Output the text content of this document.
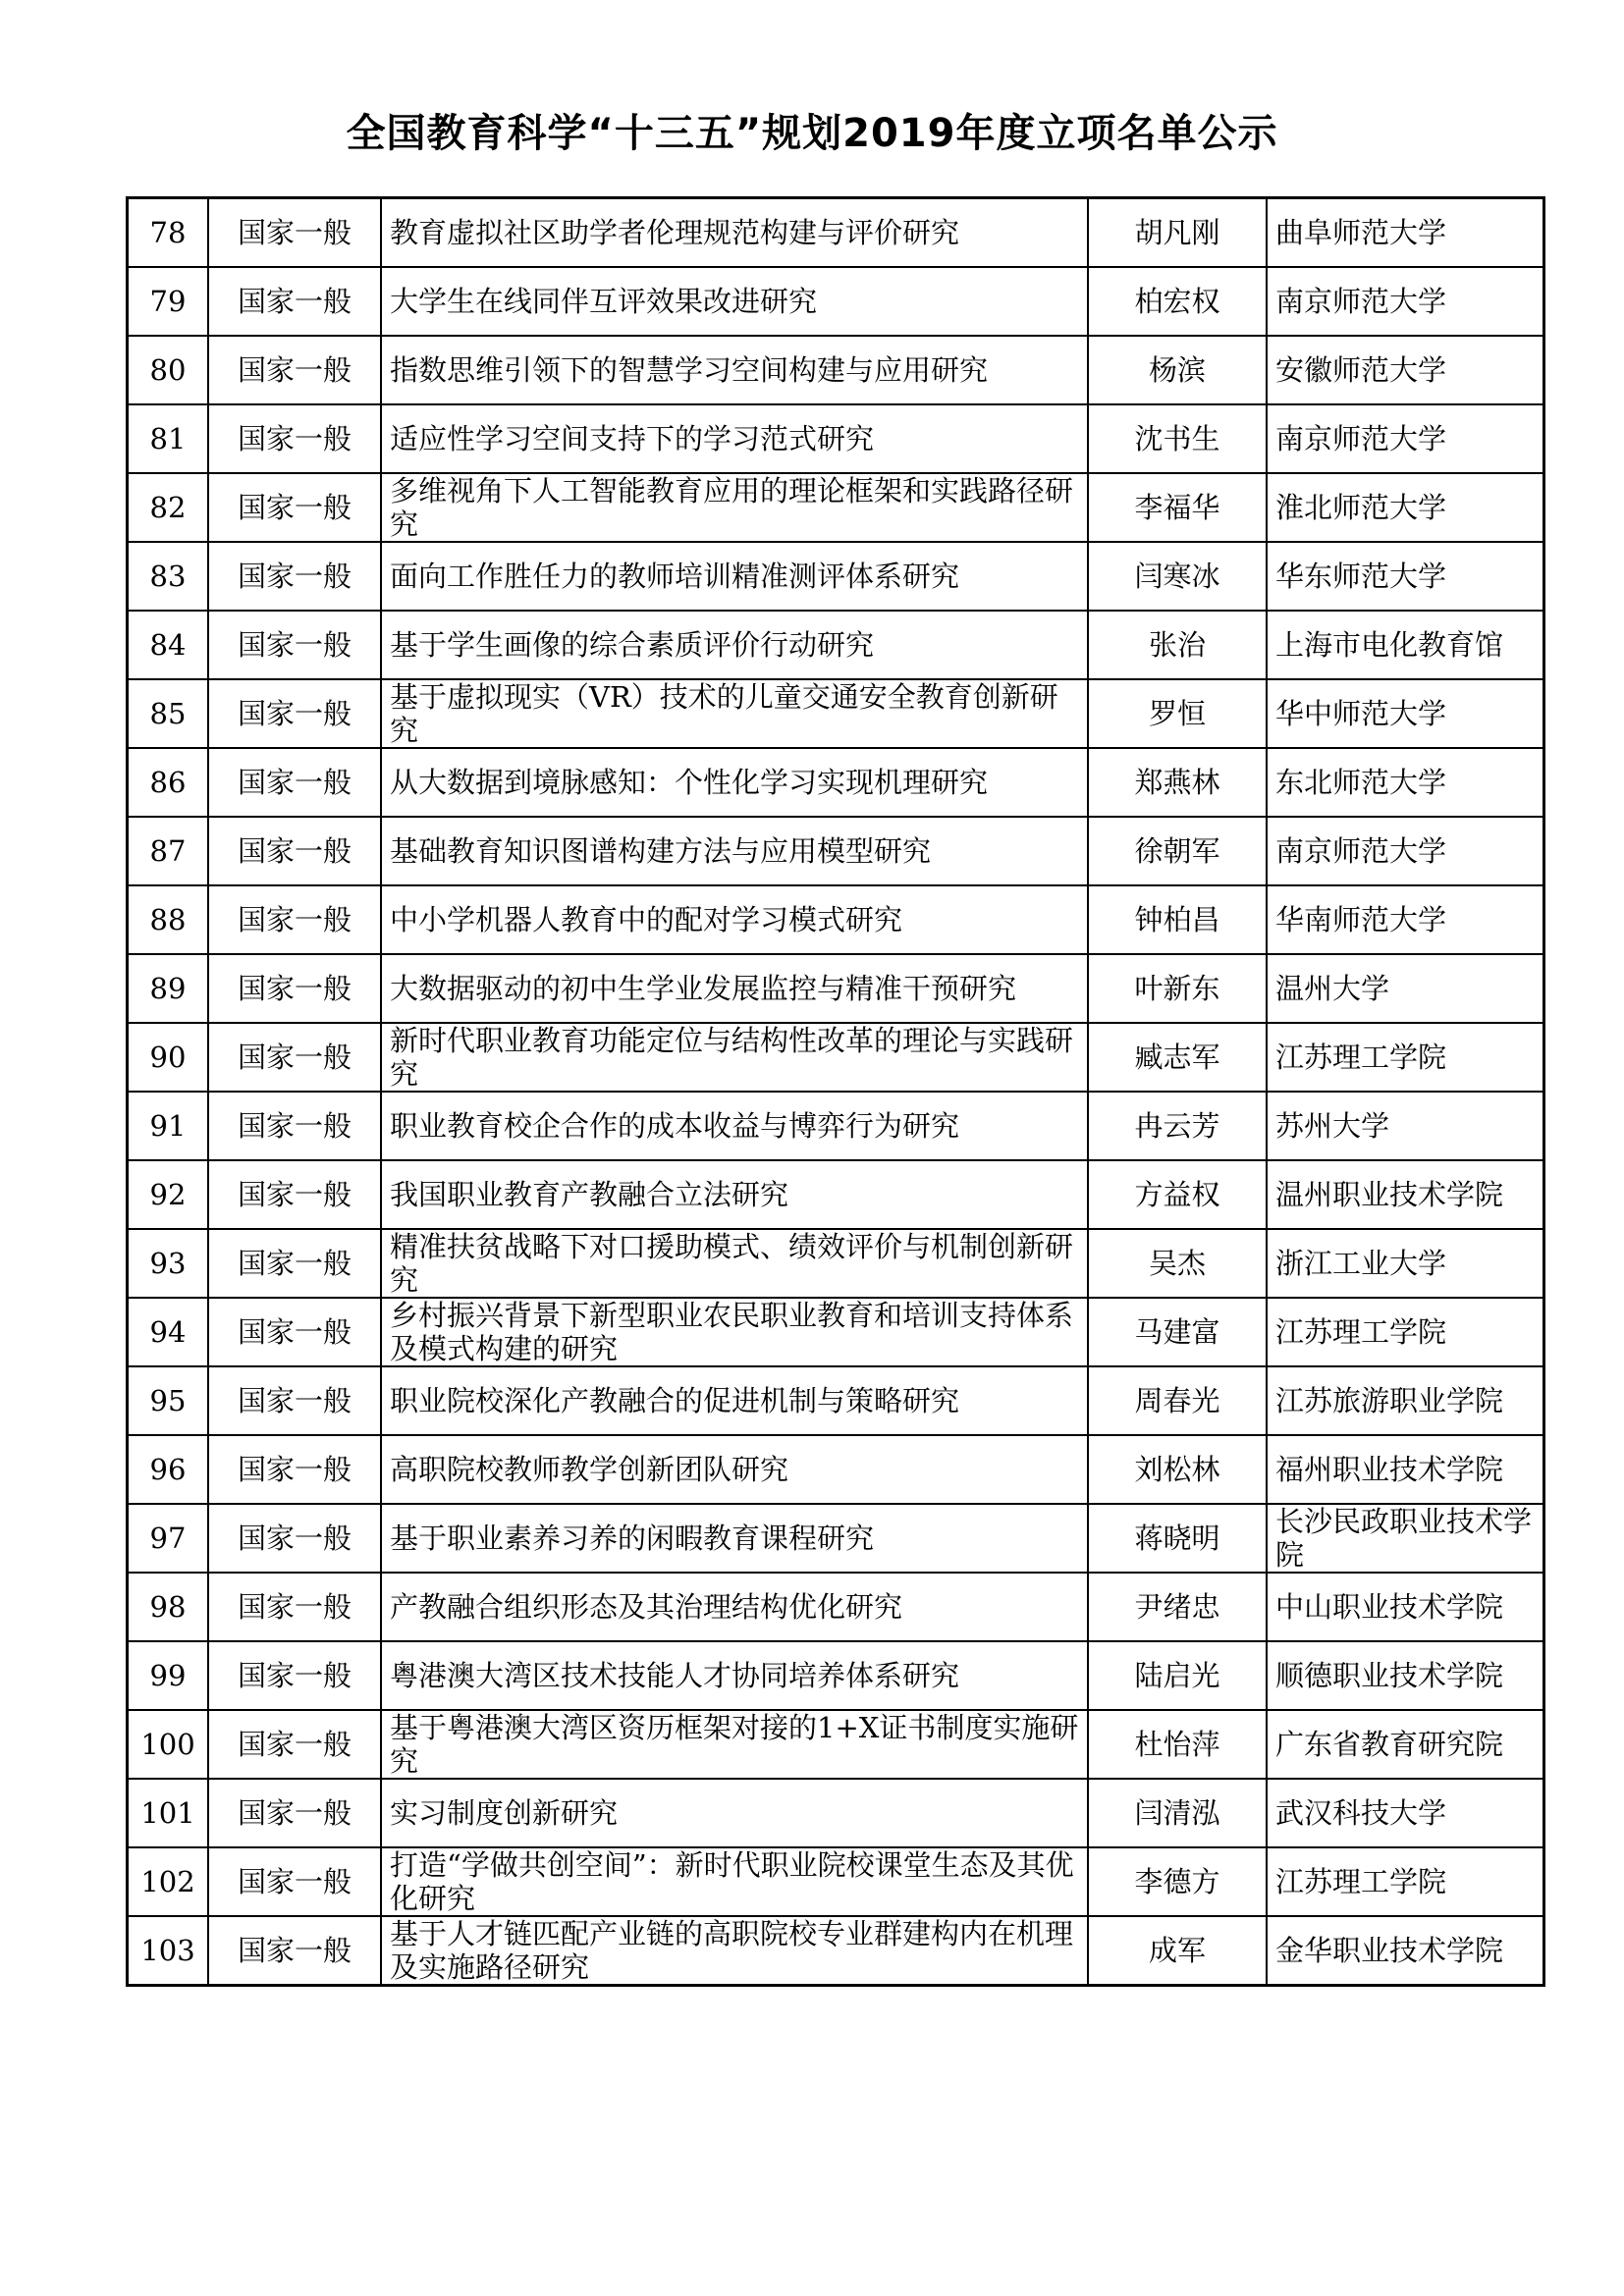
全国教育科学“十三五”规划2019年度立项名单公示
78	国家一般	教育虚拟社区助学者伦理规范构建与评价研究	胡凡刚	曲阜师范大学
79	国家一般	大学生在线同伴互评效果改进研究	柏宏权	南京师范大学
80	国家一般	指数思维引领下的智慧学习空间构建与应用研究	杨滨	安徽师范大学
81	国家一般	适应性学习空间支持下的学习范式研究	沈书生	南京师范大学
82	国家一般	多维视角下人工智能教育应用的理论框架和实践路径研究	李福华	淮北师范大学
83	国家一般	面向工作胜任力的教师培训精准测评体系研究	闫寒冰	华东师范大学
84	国家一般	基于学生画像的综合素质评价行动研究	张治	上海市电化教育馆
85	国家一般	基于虚拟现实（VR）技术的儿童交通安全教育创新研究	罗恒	华中师范大学
86	国家一般	从大数据到境脉感知：个性化学习实现机理研究	郑燕林	东北师范大学
87	国家一般	基础教育知识图谱构建方法与应用模型研究	徐朝军	南京师范大学
88	国家一般	中小学机器人教育中的配对学习模式研究	钟柏昌	华南师范大学
89	国家一般	大数据驱动的初中生学业发展监控与精准干预研究	叶新东	温州大学
90	国家一般	新时代职业教育功能定位与结构性改革的理论与实践研究	臧志军	江苏理工学院
91	国家一般	职业教育校企合作的成本收益与博弈行为研究	冉云芳	苏州大学
92	国家一般	我国职业教育产教融合立法研究	方益权	温州职业技术学院
93	国家一般	精准扶贫战略下对口援助模式、绩效评价与机制创新研究	吴杰	浙江工业大学
94	国家一般	乡村振兴背景下新型职业农民职业教育和培训支持体系及模式构建的研究	马建富	江苏理工学院
95	国家一般	职业院校深化产教融合的促进机制与策略研究	周春光	江苏旅游职业学院
96	国家一般	高职院校教师教学创新团队研究	刘松林	福州职业技术学院
97	国家一般	基于职业素养习养的闲暇教育课程研究	蒋晓明	长沙民政职业技术学院
98	国家一般	产教融合组织形态及其治理结构优化研究	尹绪忠	中山职业技术学院
99	国家一般	粤港澳大湾区技术技能人才协同培养体系研究	陆启光	顺德职业技术学院
100	国家一般	基于粤港澳大湾区资历框架对接的1+X证书制度实施研究	杜怡萍	广东省教育研究院
101	国家一般	实习制度创新研究	闫清泓	武汉科技大学
102	国家一般	打造“学做共创空间”：新时代职业院校课堂生态及其优化研究	李德方	江苏理工学院
103	国家一般	基于人才链匹配产业链的高职院校专业群建构内在机理及实施路径研究	成军	金华职业技术学院
